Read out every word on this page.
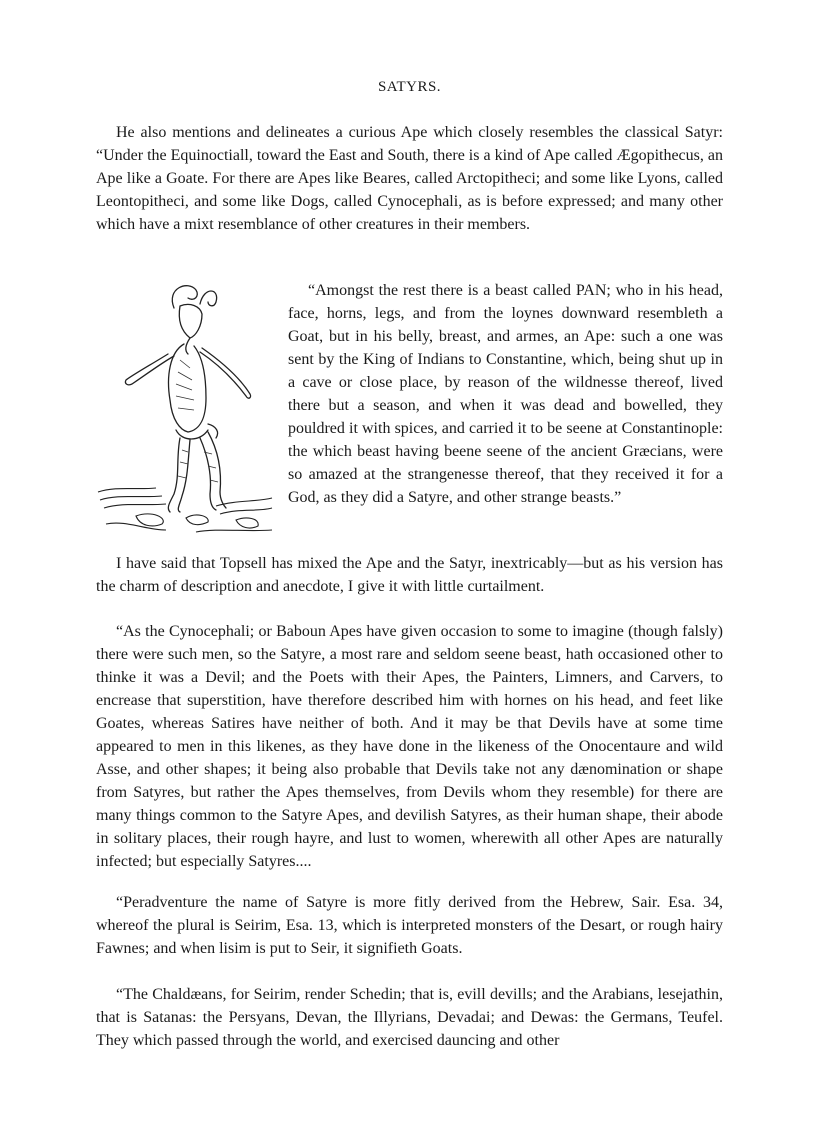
SATYRS.

He also mentions and delineates a curious Ape which closely resembles the classical Satyr: “Under the Equinoctiall, toward the East and South, there is a kind of Ape called Ægopithecus, an Ape like a Goate. For there are Apes like Beares, called Arctopitheci; and some like Lyons, called Leontopitheci, and some like Dogs, called Cynocephali, as is before expressed; and many other which have a mixt resemblance of other creatures in their members.

“Amongst the rest there is a beast called PAN; who in his head, face, horns, legs, and from the loynes downward resembleth a Goat, but in his belly, breast, and armes, an Ape: such a one was sent by the King of Indians to Constantine, which, being shut up in a cave or close place, by reason of the wildnesse thereof, lived there but a season, and when it was dead and bowelled, they pouldred it with spices, and carried it to be seene at Constantinople: the which beast having beene seene of the ancient Græcians, were so amazed at the strangenesse thereof, that they received it for a God, as they did a Satyre, and other strange beasts.”

I have said that Topsell has mixed the Ape and the Satyr, inextricably—but as his version has the charm of description and anecdote, I give it with little curtailment.

“As the Cynocephali; or Baboun Apes have given occasion to some to imagine (though falsly) there were such men, so the Satyre, a most rare and seldom seene beast, hath occasioned other to thinke it was a Devil; and the Poets with their Apes, the Painters, Limners, and Carvers, to encrease that superstition, have therefore described him with hornes on his head, and feet like Goates, whereas Satires have neither of both. And it may be that Devils have at some time appeared to men in this likenes, as they have done in the likeness of the Onocentaure and wild Asse, and other shapes; it being also probable that Devils take not any dænomination or shape from Satyres, but rather the Apes themselves, from Devils whom they resemble) for there are many things common to the Satyre Apes, and devilish Satyres, as their human shape, their abode in solitary places, their rough hayre, and lust to women, wherewith all other Apes are naturally infected; but especially Satyres....

“Peradventure the name of Satyre is more fitly derived from the Hebrew, Sair. Esa. 34, whereof the plural is Seirim, Esa. 13, which is interpreted monsters of the Desart, or rough hairy Fawnes; and when lisim is put to Seir, it signifieth Goats.

“The Chaldæans, for Seirim, render Schedin; that is, evill devills; and the Arabians, lesejathin, that is Satanas: the Persyans, Devan, the Illyrians, Devadai; and Dewas: the Germans, Teufel. They which passed through the world, and exercised dauncing and other
